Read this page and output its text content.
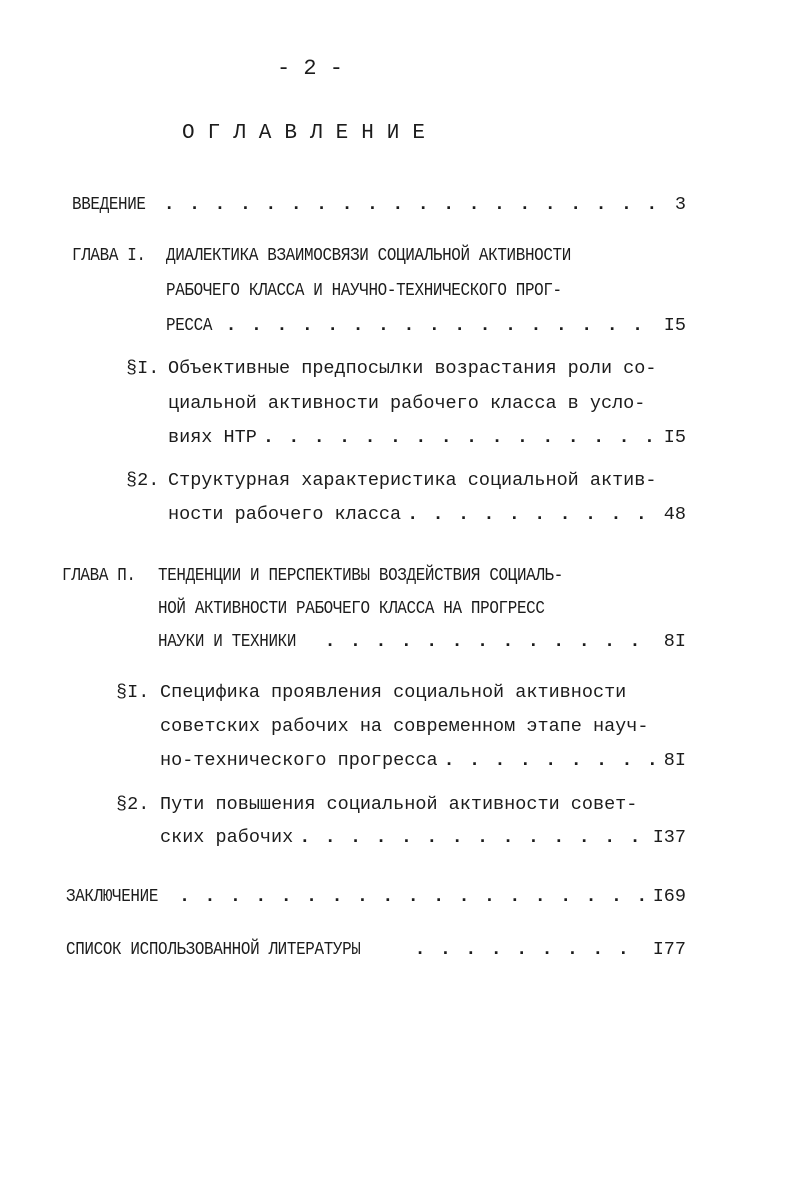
- 2 -
ОГЛАВЛЕНИЕ
ВВЕДЕНИЕ . . .	3
ГЛАВА I.	ДИАЛЕКТИКА ВЗАИМОСВЯЗИ СОЦИАЛЬНОЙ АКТИВНОСТИ
РАБОЧЕГО КЛАССА И НАУЧНО-ТЕХНИЧЕСКОГО ПРОГ-
РЕССА . . .	I5
§I. Объективные предпосылки возрастания роли со-
циальной активности рабочего класса в усло-
виях НТР . . .	I5
§2. Структурная характеристика социальной актив-
ности рабочего класса . . .	48
ГЛАВА П.	ТЕНДЕНЦИИ И ПЕРСПЕКТИВЫ ВОЗДЕЙСТВИЯ СОЦИАЛЬ-
НОЙ АКТИВНОСТИ РАБОЧЕГО КЛАССА НА ПРОГРЕСС
НАУКИ И ТЕХНИКИ . . .	8I
§I. Специфика проявления социальной активности
советских рабочих на современном этапе науч-
но-технического прогресса . . .	8I
§2. Пути повышения социальной активности совет-
ских рабочих . . .	I37
ЗАКЛЮЧЕНИЕ . . .	I69
СПИСОК ИСПОЛЬЗОВАННОЙ ЛИТЕРАТУРЫ . . .	I77
